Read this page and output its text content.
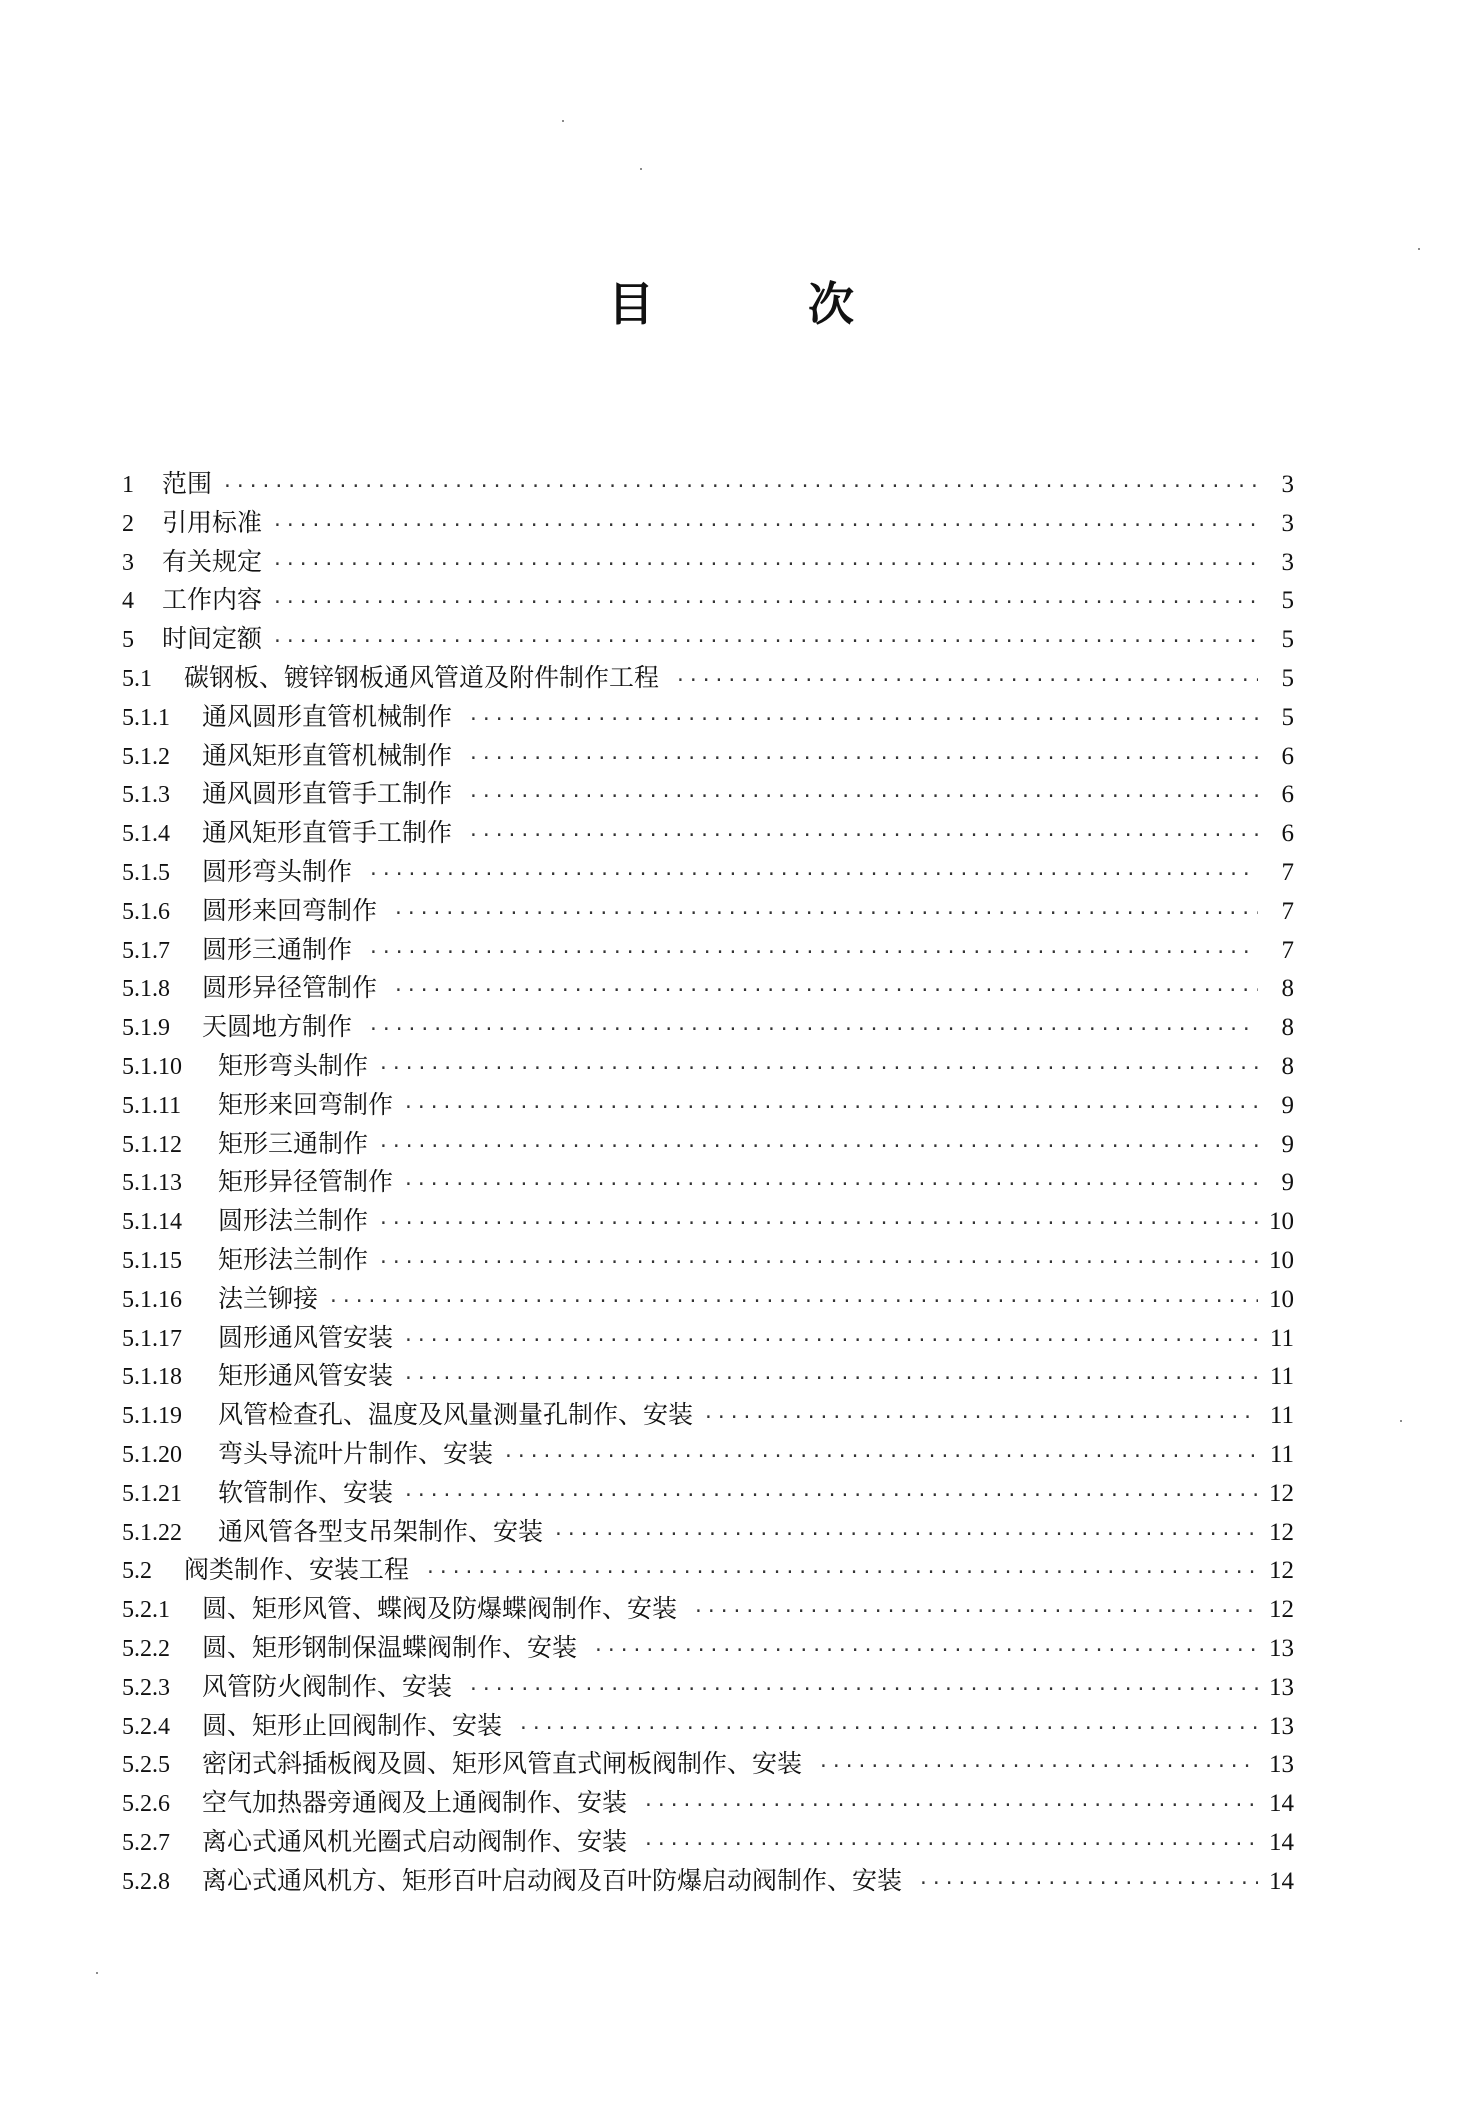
目	次
1	范围 ·····	3
2	引用标准 ·····	3
3	有关规定 ·····	3
4	工作内容 ·····	5
5	时间定额 ·····	5
5.1	碳钢板、镀锌钢板通风管道及附件制作工程 ·····	5
5.1.1	通风圆形直管机械制作 ·····	5
5.1.2	通风矩形直管机械制作 ·····	6
5.1.3	通风圆形直管手工制作 ·····	6
5.1.4	通风矩形直管手工制作 ·····	6
5.1.5	圆形弯头制作 ·····	7
5.1.6	圆形来回弯制作 ·····	7
5.1.7	圆形三通制作 ·····	7
5.1.8	圆形异径管制作 ·····	8
5.1.9	天圆地方制作 ·····	8
5.1.10	矩形弯头制作 ·····	8
5.1.11	矩形来回弯制作 ·····	9
5.1.12	矩形三通制作 ·····	9
5.1.13	矩形异径管制作 ·····	9
5.1.14	圆形法兰制作 ·····	10
5.1.15	矩形法兰制作 ·····	10
5.1.16	法兰铆接 ·····	10
5.1.17	圆形通风管安装 ·····	11
5.1.18	矩形通风管安装 ·····	11
5.1.19	风管检查孔、温度及风量测量孔制作、安装 ·····	11
5.1.20	弯头导流叶片制作、安装 ·····	11
5.1.21	软管制作、安装 ·····	12
5.1.22	通风管各型支吊架制作、安装 ·····	12
5.2	阀类制作、安装工程 ·····	12
5.2.1	圆、矩形风管、蝶阀及防爆蝶阀制作、安装 ·····	12
5.2.2	圆、矩形钢制保温蝶阀制作、安装 ·····	13
5.2.3	风管防火阀制作、安装 ·····	13
5.2.4	圆、矩形止回阀制作、安装 ·····	13
5.2.5	密闭式斜插板阀及圆、矩形风管直式闸板阀制作、安装 ·····	13
5.2.6	空气加热器旁通阀及上通阀制作、安装 ·····	14
5.2.7	离心式通风机光圈式启动阀制作、安装 ·····	14
5.2.8	离心式通风机方、矩形百叶启动阀及百叶防爆启动阀制作、安装 ·····	14
